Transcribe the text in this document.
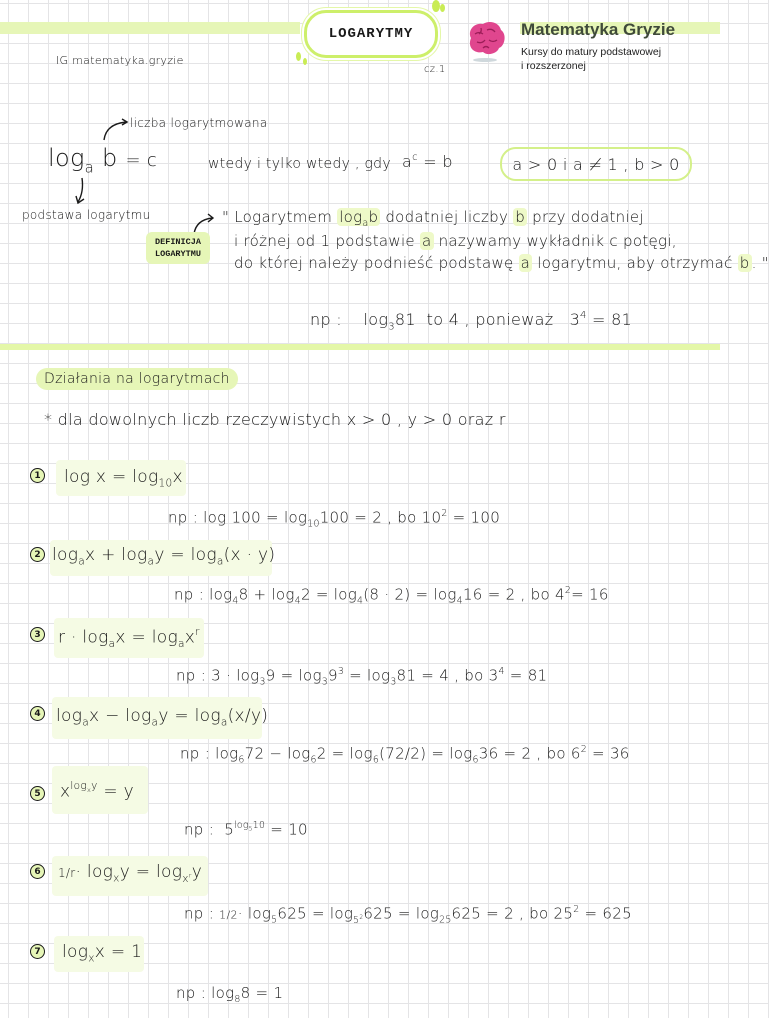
LOGARYTMY
IG matematyka.gryzie
cz.1
Matematyka Gryzie
Kursy do matury podstawowej
i rozszerzonej
liczba logarytmowana
$\log_a b = c$
podstawa logarytmu
wtedy i tylko wtedy , gdy $a^c = b$	a > 0 i a ≠ 1 , b > 0
DEFINICJA
LOGARYTMU
" Logarytmem $\log_ab$ dodatniej liczby b przy dodatniej
i różnej od 1 podstawie a nazywamy wykładnik c potęgi,
do której należy podnieść podstawę a logarytmu, aby otrzymać b . "
np : $\log_381$ to 4 , ponieważ $3^4 = 81$
Działania na logarytmach
* dla dowolnych liczb rzeczywistych x > 0 , y > 0 oraz r
1 $\log x = \log_{10}x$
np : $\log 100 = \log_{10}100 = 2$ , bo $10^2 = 100$
2 $\log_ax + \log_ay = \log_a(x \cdot y)$
np : $\log_48 + \log_42 = \log_4(8 \cdot 2) = \log_416 = 2$ , bo $4^2= 16$
3 $r \cdot \log_ax = \log_ax^r$
np : $3 \cdot \log_39 = \log_39^3 = \log_381 = 4$ , bo $3^4 = 81$
4 $\log_ax - \log_ay = \log_a(x/y)$
np : $\log_672 - \log_62 = \log_6(72/2) = \log_636 = 2$ , bo $6^2 = 36$
5 $x^{log_xy} = y$
np : $5^{log_510} = 10$
6	$1/r\cdot \log_xy = \log_{x^r}y$
np : $1/2\cdot \log_5625 = \log_{5^2}625 = \log_{25}625 = 2$ , bo $25^2 = 625$
7 $\log_xx = 1$
np : $\log_88 = 1$
